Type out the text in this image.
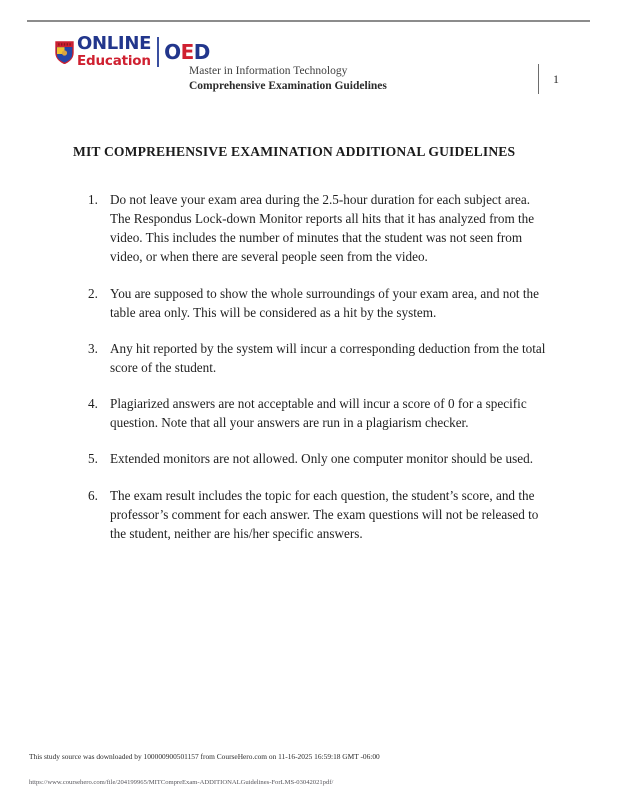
ONLINE
Education OED
Master in Information Technology
Comprehensive Examination Guidelines
1
MIT COMPREHENSIVE EXAMINATION ADDITIONAL GUIDELINES
1. Do not leave your exam area during the 2.5-hour duration for each subject area. The Respondus Lock-down Monitor reports all hits that it has analyzed from the video. This includes the number of minutes that the student was not seen from video, or when there are several people seen from the video.
2. You are supposed to show the whole surroundings of your exam area, and not the table area only. This will be considered as a hit by the system.
3. Any hit reported by the system will incur a corresponding deduction from the total score of the student.
4. Plagiarized answers are not acceptable and will incur a score of 0 for a specific question. Note that all your answers are run in a plagiarism checker.
5. Extended monitors are not allowed. Only one computer monitor should be used.
6. The exam result includes the topic for each question, the student’s score, and the professor’s comment for each answer. The exam questions will not be released to the student, neither are his/her specific answers.
This study source was downloaded by 100000900501157 from CourseHero.com on 11-16-2025 16:59:18 GMT -06:00
https://www.coursehero.com/file/204199965/MITCompreExam-ADDITIONALGuidelines-ForLMS-03042021pdf/
